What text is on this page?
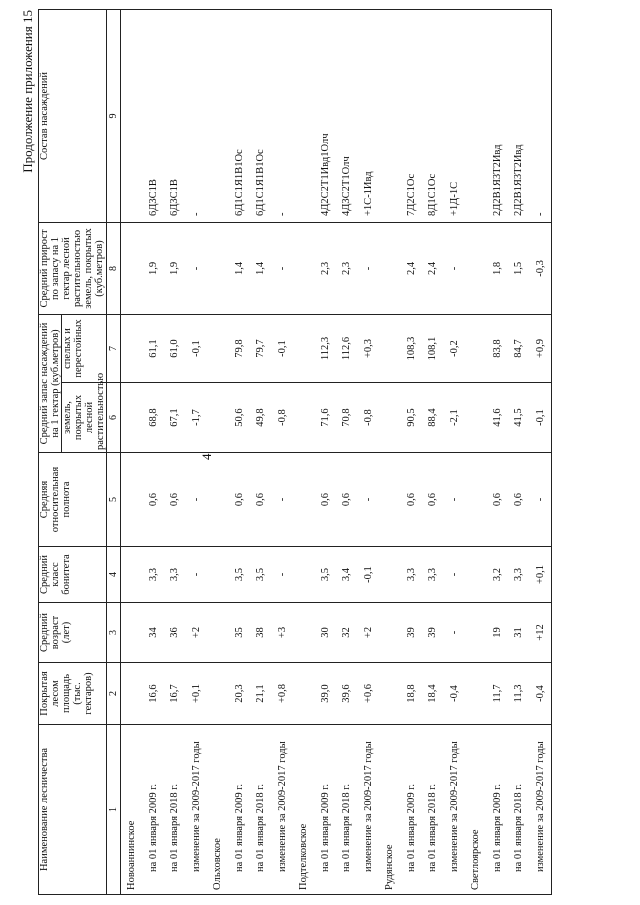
4
Продолжение приложения 15
Наименование лесничества	Покрытая лесом площадь (тыс. гектаров)	Средний возраст (лет)	Средний класс бонитета	Средняя относительная полнота	Средний запас насаждений на 1 гектар (куб.метров)		Средний прирост по запасу на 1 гектар лесной растительностью земель, покрытых (куб.метров)	Состав насаждений
					земель, покрытых лесной растительностью	спелых и перестойных		
1	2	3	4	5	6	7	8	9
Новоаннинское								
на 01 января 2009 г.	16,6	34	3,3	0,6	68,8	61,1	1,9	6Д3С1В
на 01 января 2018 г.	16,7	36	3,3	0,6	67,1	61,0	1,9	6Д3С1В
изменение за 2009-2017 годы	+0,1	+2	-	-	-1,7	-0,1	-	-
Ольховское								
на 01 января 2009 г.	20,3	35	3,5	0,6	50,6	79,8	1,4	6Д1С1Я1В1Ос
на 01 января 2018 г.	21,1	38	3,5	0,6	49,8	79,7	1,4	6Д1С1Я1В1Ос
изменение за 2009-2017 годы	+0,8	+3	-	-	-0,8	-0,1	-	-
Подтелковское								
на 01 января 2009 г.	39,0	30	3,5	0,6	71,6	112,3	2,3	4Д2С2Т1Ивд1Олч
на 01 января 2018 г.	39,6	32	3,4	0,6	70,8	112,6	2,3	4Д3С2Т1Олч
изменение за 2009-2017 годы	+0,6	+2	-0,1	-	-0,8	+0,3	-	+1С-1Ивд
Рудянское								
на 01 января 2009 г.	18,8	39	3,3	0,6	90,5	108,3	2,4	7Д2С1Ос
на 01 января 2018 г.	18,4	39	3,3	0,6	88,4	108,1	2,4	8Д1С1Ос
изменение за 2009-2017 годы	-0,4	-	-	-	-2,1	-0,2	-	+1Д-1С
Светлоярское								
на 01 января 2009 г.	11,7	19	3,2	0,6	41,6	83,8	1,8	2Д2В1Я3Т2Ивд
на 01 января 2018 г.	11,3	31	3,3	0,6	41,5	84,7	1,5	2Д2В1Я3Т2Ивд
изменение за 2009-2017 годы	-0,4	+12	+0,1	-	-0,1	+0,9	-0,3	-
